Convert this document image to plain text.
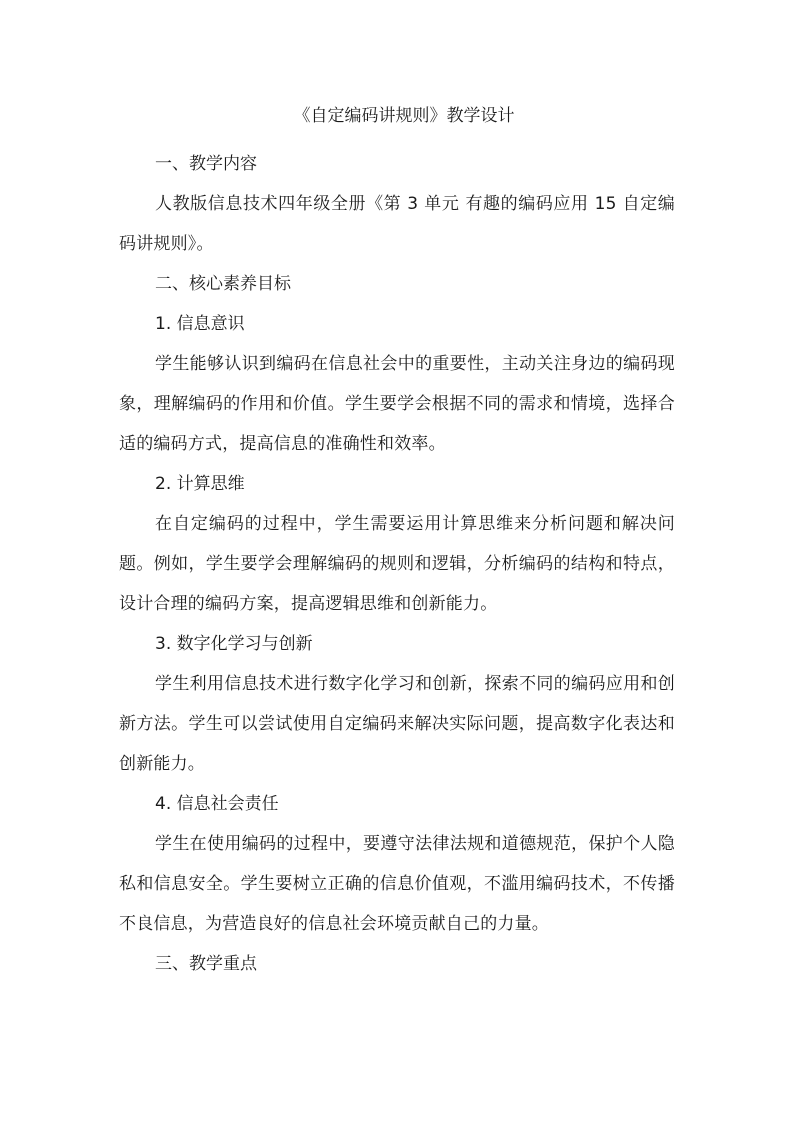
《自定编码讲规则》教学设计
一、教学内容
人教版信息技术四年级全册《第 3 单元 有趣的编码应用 15 自定编码讲规则》。
二、核心素养目标
1. 信息意识
学生能够认识到编码在信息社会中的重要性，主动关注身边的编码现象，理解编码的作用和价值。学生要学会根据不同的需求和情境，选择合适的编码方式，提高信息的准确性和效率。
2. 计算思维
在自定编码的过程中，学生需要运用计算思维来分析问题和解决问题。例如，学生要学会理解编码的规则和逻辑，分析编码的结构和特点，设计合理的编码方案，提高逻辑思维和创新能力。
3. 数字化学习与创新
学生利用信息技术进行数字化学习和创新，探索不同的编码应用和创新方法。学生可以尝试使用自定编码来解决实际问题，提高数字化表达和创新能力。
4. 信息社会责任
学生在使用编码的过程中，要遵守法律法规和道德规范，保护个人隐私和信息安全。学生要树立正确的信息价值观，不滥用编码技术，不传播不良信息，为营造良好的信息社会环境贡献自己的力量。
三、教学重点
